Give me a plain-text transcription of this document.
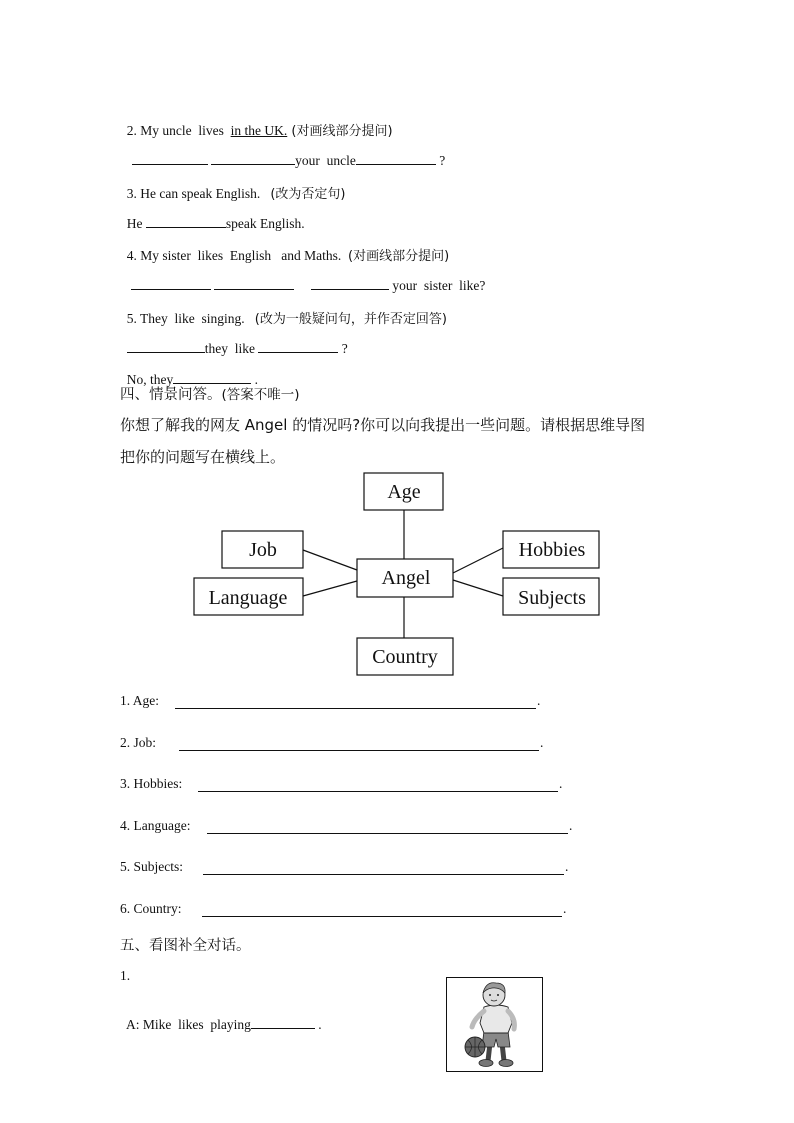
2. My uncle  lives  in the UK. (对画线部分提问)

your  uncle	?

3. He can speak English.   (改为否定句)

He	speak English.

4. My sister  likes  English   and Maths.  (对画线部分提问)

your  sister  like?

5. They  like  singing.   (改为一般疑问句，并作否定回答)

they  like	?

No, they	.

四、情景问答。(答案不唯一)
你想了解我的网友 Angel 的情况吗?你可以向我提出一些问题。请根据思维导图
把你的问题写在横线上。
Age
Job
Language
Angel
Hobbies
Subjects
Country
1. Age:	.
2. Job:	.
3. Hobbies:	.
4. Language:	.
5. Subjects:	.
6. Country:	.
五、看图补全对话。
1.

A: Mike  likes  playing	.
